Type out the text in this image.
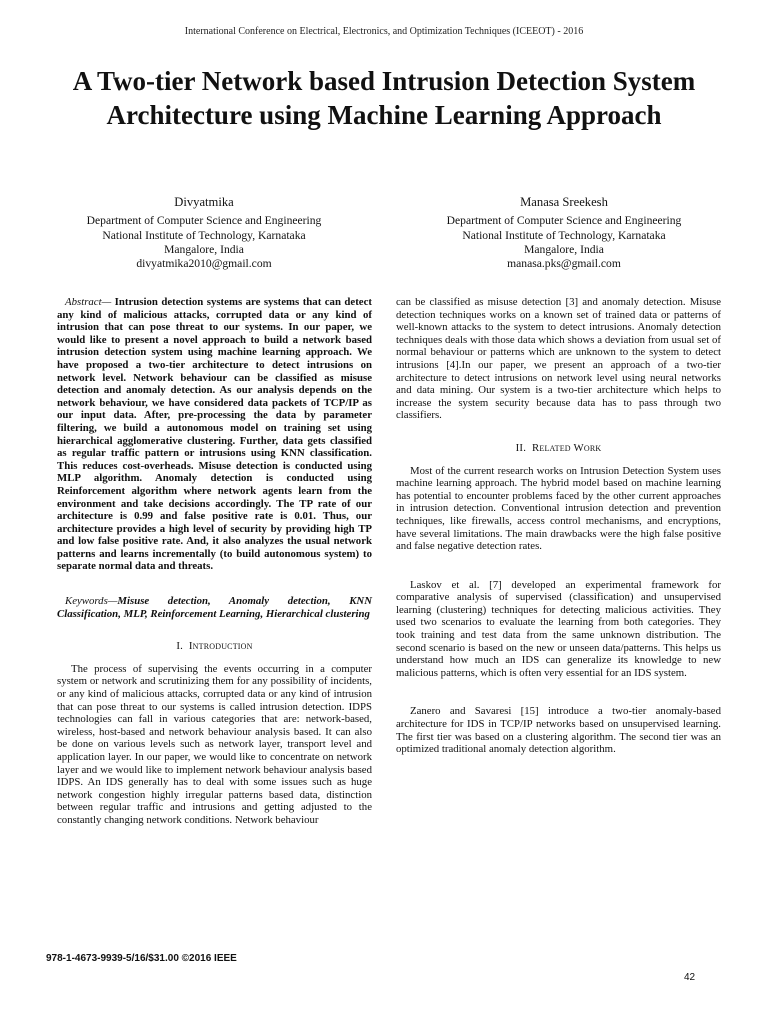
International Conference on Electrical, Electronics, and Optimization Techniques (ICEEOT) - 2016
A Two-tier Network based Intrusion Detection System Architecture using Machine Learning Approach
Divyatmika
Department of Computer Science and Engineering
National Institute of Technology, Karnataka
Mangalore, India
divyatmika2010@gmail.com
Manasa Sreekesh
Department of Computer Science and Engineering
National Institute of Technology, Karnataka
Mangalore, India
manasa.pks@gmail.com

Abstract— Intrusion detection systems are systems that can detect any kind of malicious attacks, corrupted data or any kind of intrusion that can pose threat to our systems. In our paper, we would like to present a novel approach to build a network based intrusion detection system using machine learning approach. We have proposed a two-tier architecture to detect intrusions on network level. Network behaviour can be classified as misuse detection and anomaly detection. As our analysis depends on the network behaviour, we have considered data packets of TCP/IP as our input data. After, pre-processing the data by parameter filtering, we build a autonomous model on training set using hierarchical agglomerative clustering. Further, data gets classified as regular traffic pattern or intrusions using KNN classification. This reduces cost-overheads. Misuse detection is conducted using MLP algorithm. Anomaly detection is conducted using Reinforcement algorithm where network agents learn from the environment and take decisions accordingly. The TP rate of our architecture is 0.99 and false positive rate is 0.01. Thus, our architecture provides a high level of security by providing high TP and low false positive rate. And, it also analyzes the usual network patterns and learns incrementally (to build autonomous system) to separate normal data and threats.

Keywords—Misuse detection, Anomaly detection, KNN Classification, MLP, Reinforcement Learning, Hierarchical clustering

I. Introduction

The process of supervising the events occurring in a computer system or network and scrutinizing them for any possibility of incidents, or any kind of malicious attacks, corrupted data or any kind of intrusion that can pose threat to our systems is called intrusion detection. IDPS technologies can fall in various categories that are: network-based, wireless, host-based and network behaviour analysis based. It can also be done on various levels such as network layer, transport level and application layer. In our paper, we would like to concentrate on network layer and we would like to implement network behaviour analysis based IDPS. An IDS generally has to deal with some issues such as huge network congestion highly irregular patterns based data, distinction between regular traffic and intrusions and getting adjusted to the constantly changing network conditions. Network behaviour

can be classified as misuse detection [3] and anomaly detection. Misuse detection techniques works on a known set of trained data or patterns of well-known attacks to the system to detect intrusions. Anomaly detection techniques deals with those data which shows a deviation from usual set of normal behaviour or patterns which are unknown to the system to detect intrusions [4].In our paper, we present an approach of a two-tier architecture to detect intrusions on network level using neural networks and data mining. Our system is a two-tier architecture which helps to increase the system security because data has to pass through two classifiers.

II. Related Work

Most of the current research works on Intrusion Detection System uses machine learning approach. The hybrid model based on machine learning has potential to encounter problems faced by the other current approaches in intrusion detection. Conventional intrusion detection and prevention techniques, like firewalls, access control mechanisms, and encryptions, have several limitations. The main drawbacks were the high false positive and false negative detection rates.

Laskov et al. [7] developed an experimental framework for comparative analysis of supervised (classification) and unsupervised learning (clustering) techniques for detecting malicious activities. They used two scenarios to evaluate the learning from both categories. They took training and test data from the same unknown distribution. The second scenario is based on the new or unseen data/patterns. This helps us understand how much an IDS can generalize its knowledge to new malicious patterns, which is often very essential for an IDS system.

Zanero and Savaresi [15] introduce a two-tier anomaly-based architecture for IDS in TCP/IP networks based on unsupervised learning. The first tier was based on a clustering algorithm. The second tier was an optimized traditional anomaly detection algorithm.

978-1-4673-9939-5/16/$31.00 ©2016 IEEE
42
